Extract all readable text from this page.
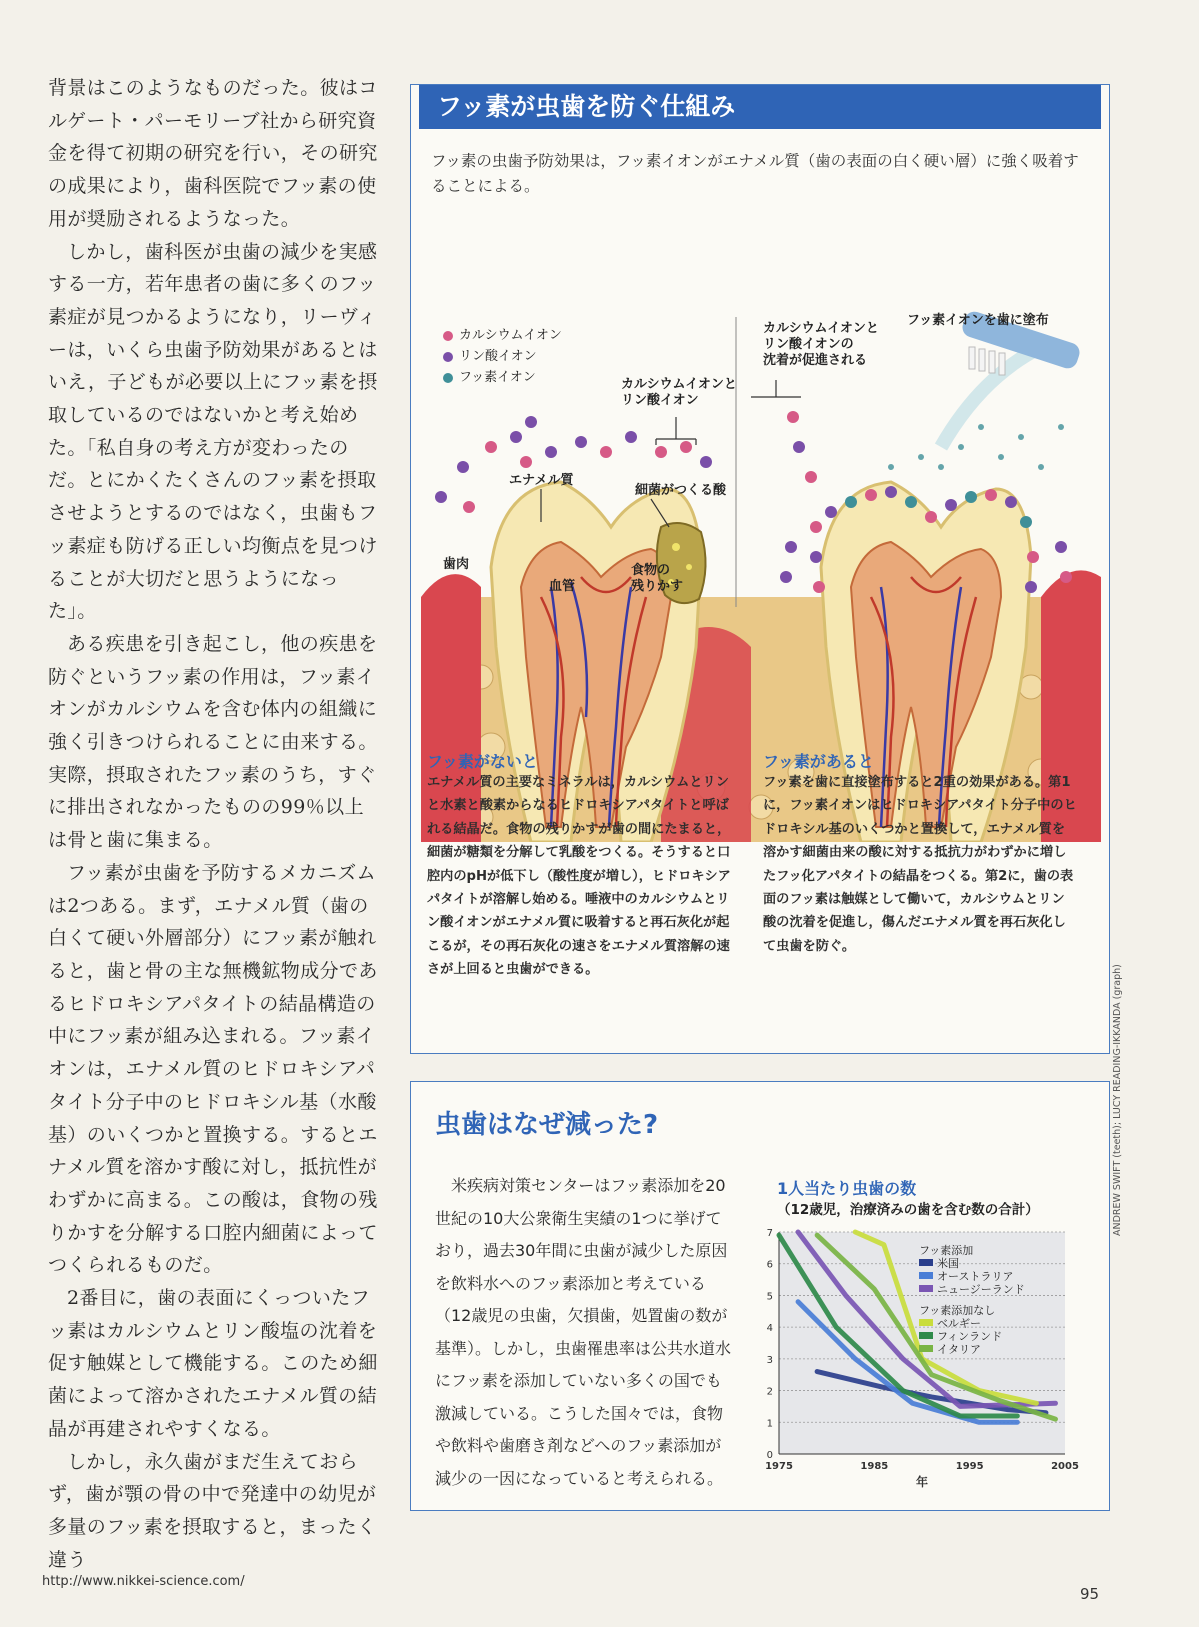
背景はこのようなものだった。彼はコルゲート・パーモリーブ社から研究資金を得て初期の研究を行い，その研究の成果により，歯科医院でフッ素の使用が奨励されるようなった。

しかし，歯科医が虫歯の減少を実感する一方，若年患者の歯に多くのフッ素症が見つかるようになり，リーヴィーは，いくら虫歯予防効果があるとはいえ，子どもが必要以上にフッ素を摂取しているのではないかと考え始めた。「私自身の考え方が変わったのだ。とにかくたくさんのフッ素を摂取させようとするのではなく，虫歯もフッ素症も防げる正しい均衡点を見つけることが大切だと思うようになった」。

ある疾患を引き起こし，他の疾患を防ぐというフッ素の作用は，フッ素イオンがカルシウムを含む体内の組織に強く引きつけられることに由来する。実際，摂取されたフッ素のうち，すぐに排出されなかったものの99％以上は骨と歯に集まる。

フッ素が虫歯を予防するメカニズムは2つある。まず，エナメル質（歯の白くて硬い外層部分）にフッ素が触れると，歯と骨の主な無機鉱物成分であるヒドロキシアパタイトの結晶構造の中にフッ素が組み込まれる。フッ素イオンは，エナメル質のヒドロキシアパタイト分子中のヒドロキシル基（水酸基）のいくつかと置換する。するとエナメル質を溶かす酸に対し，抵抗性がわずかに高まる。この酸は，食物の残りかすを分解する口腔内細菌によってつくられるものだ。

2番目に，歯の表面にくっついたフッ素はカルシウムとリン酸塩の沈着を促す触媒として機能する。このため細菌によって溶かされたエナメル質の結晶が再建されやすくなる。

しかし，永久歯がまだ生えておらず，歯が顎の骨の中で発達中の幼児が多量のフッ素を摂取すると，まったく違う

フッ素が虫歯を防ぐ仕組み
フッ素の虫歯予防効果は，フッ素イオンがエナメル質（歯の表面の白く硬い層）に強く吸着することによる。
カルシウムイオン
リン酸イオン
フッ素イオン	カルシウムイオンと
リン酸イオン
エナメル質
細菌がつくる酸
歯肉
血管
食物の
残りかす
カルシウムイオンと
リン酸イオンの
沈着が促進される
フッ素イオンを歯に塗布
フッ素がないと
エナメル質の主要なミネラルは，カルシウムとリンと水素と酸素からなるヒドロキシアパタイトと呼ばれる結晶だ。食物の残りかすが歯の間にたまると，細菌が糖類を分解して乳酸をつくる。そうすると口腔内のpHが低下し（酸性度が増し），ヒドロキシアパタイトが溶解し始める。唾液中のカルシウムとリン酸イオンがエナメル質に吸着すると再石灰化が起こるが，その再石灰化の速さをエナメル質溶解の速さが上回ると虫歯ができる。
フッ素があると
フッ素を歯に直接塗布すると2重の効果がある。第1に，フッ素イオンはヒドロキシアパタイト分子中のヒドロキシル基のいくつかと置換して，エナメル質を溶かす細菌由来の酸に対する抵抗力がわずかに増したフッ化アパタイトの結晶をつくる。第2に，歯の表面のフッ素は触媒として働いて，カルシウムとリン酸の沈着を促進し，傷んだエナメル質を再石灰化して虫歯を防ぐ。
虫歯はなぜ減った?
米疾病対策センターはフッ素添加を20世紀の10大公衆衛生実績の1つに挙げており，過去30年間に虫歯が減少した原因を飲料水へのフッ素添加と考えている（12歳児の虫歯，欠損歯，処置歯の数が基準）。しかし，虫歯罹患率は公共水道水にフッ素を添加していない多くの国でも激減している。こうした国々では，食物や飲料や歯磨き剤などへのフッ素添加が減少の一因になっていると考えられる。
1人当たり虫歯の数
（12歳児，治療済みの歯を含む数の合計）
0
1
2
3
4
5
6
7
1975	1985	1995	2005
年
フッ素添加
米国
オーストラリア
ニュージーランド
フッ素添加なし
ベルギー
フィンランド
イタリア
ANDREW SWIFT (teeth); LUCY READING-IKKANDA (graph)
http://www.nikkei-science.com/
95
